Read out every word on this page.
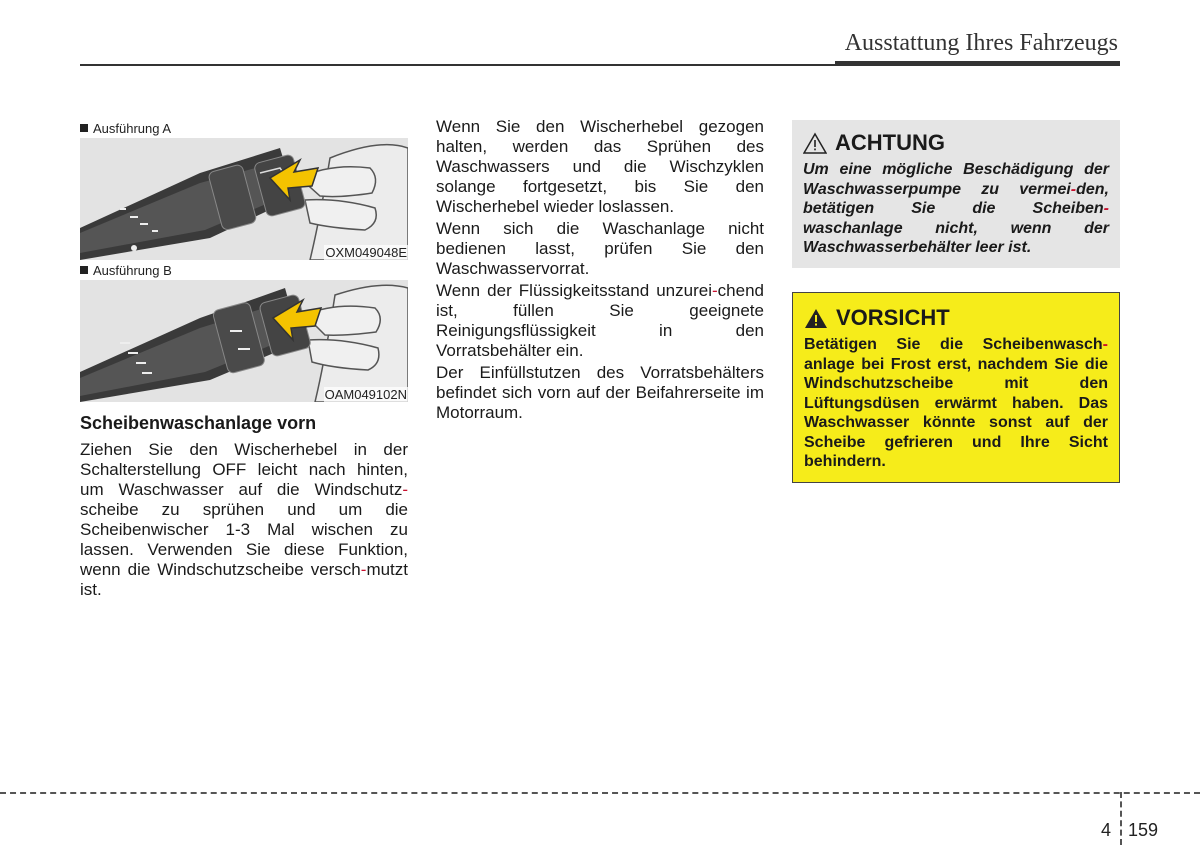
Ausstattung Ihres Fahrzeugs
Ausführung A
OXM049048E
Ausführung B
OAM049102N
Scheibenwaschanlage vorn
Ziehen Sie den Wischerhebel in der Schalterstellung OFF leicht nach hinten, um Waschwasser auf die Windschutz-scheibe zu sprühen und um die Scheibenwischer 1-3 Mal wischen zu lassen. Verwenden Sie diese Funktion, wenn die Windschutzscheibe versch-mutzt ist.

Wenn Sie den Wischerhebel gezogen halten, werden das Sprühen des Waschwassers und die Wischzyklen solange fortgesetzt, bis Sie den Wischerhebel wieder loslassen.

Wenn sich die Waschanlage nicht bedienen lasst, prüfen Sie den Waschwasservorrat.

Wenn der Flüssigkeitsstand unzurei-chend ist, füllen Sie geeignete Reinigungsflüssigkeit in den Vorratsbehälter ein.

Der Einfüllstutzen des Vorratsbehälters befindet sich vorn auf der Beifahrerseite im Motorraum.

ACHTUNG
Um eine mögliche Beschädigung der Waschwasserpumpe zu vermei-den, betätigen Sie die Scheiben-waschanlage nicht, wenn der Waschwasserbehälter leer ist.
VORSICHT
Betätigen Sie die Scheibenwasch-anlage bei Frost erst, nachdem Sie die Windschutzscheibe mit den Lüftungsdüsen erwärmt haben. Das Waschwasser könnte sonst auf der Scheibe gefrieren und Ihre Sicht behindern.
4 159
